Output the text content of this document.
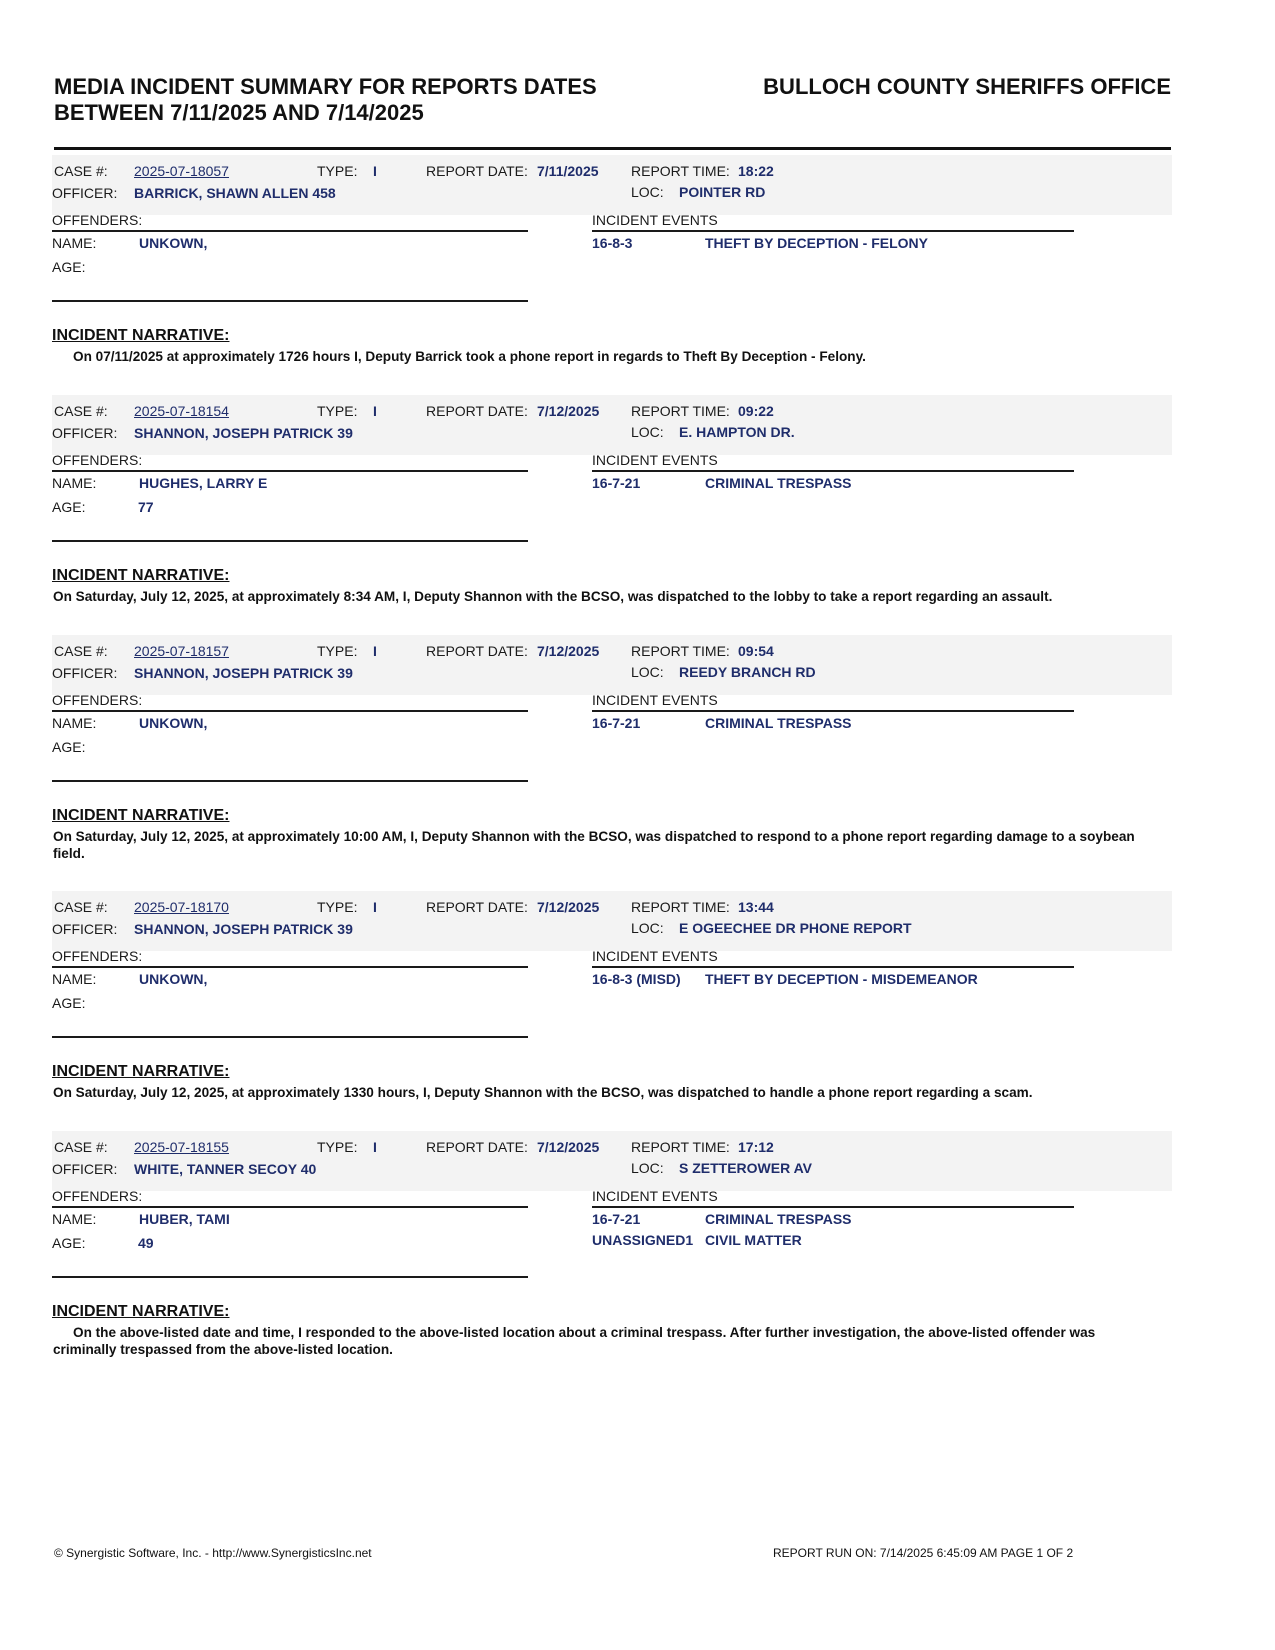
MEDIA INCIDENT SUMMARY FOR REPORTS DATES BETWEEN 7/11/2025 AND 7/14/2025
BULLOCH COUNTY SHERIFFS OFFICE
CASE #: 2025-07-18057	TYPE: I	REPORT DATE: 7/11/2025 REPORT TIME: 18:22
OFFICER: BARRICK, SHAWN ALLEN 458	LOC: POINTER RD
OFFENDERS:	INCIDENT EVENTS
NAME:	UNKOWN,
AGE:
16-8-3	THEFT BY DECEPTION - FELONY
INCIDENT NARRATIVE:
On 07/11/2025 at approximately 1726 hours I, Deputy Barrick took a phone report in regards to Theft By Deception - Felony.
CASE #: 2025-07-18154	TYPE: I	REPORT DATE: 7/12/2025 REPORT TIME: 09:22
OFFICER: SHANNON, JOSEPH PATRICK 39	LOC: E. HAMPTON DR.
OFFENDERS:	INCIDENT EVENTS
NAME:	HUGHES, LARRY E
AGE:	77
16-7-21	CRIMINAL TRESPASS
INCIDENT NARRATIVE:
On Saturday, July 12, 2025, at approximately 8:34 AM, I, Deputy Shannon with the BCSO, was dispatched to the lobby to take a report regarding an assault.
CASE #: 2025-07-18157	TYPE: I	REPORT DATE: 7/12/2025 REPORT TIME: 09:54
OFFICER: SHANNON, JOSEPH PATRICK 39	LOC: REEDY BRANCH RD
OFFENDERS:	INCIDENT EVENTS
NAME:	UNKOWN,
AGE:
16-7-21	CRIMINAL TRESPASS
INCIDENT NARRATIVE:
On Saturday, July 12, 2025, at approximately 10:00 AM, I, Deputy Shannon with the BCSO, was dispatched to respond to a phone report regarding damage to a soybean field.
CASE #: 2025-07-18170	TYPE: I	REPORT DATE: 7/12/2025 REPORT TIME: 13:44
OFFICER: SHANNON, JOSEPH PATRICK 39	LOC: E OGEECHEE DR PHONE REPORT
OFFENDERS:	INCIDENT EVENTS
NAME:	UNKOWN,
AGE:
16-8-3 (MISD) THEFT BY DECEPTION - MISDEMEANOR
INCIDENT NARRATIVE:
On Saturday, July 12, 2025, at approximately 1330 hours, I, Deputy Shannon with the BCSO, was dispatched to handle a phone report regarding a scam.
CASE #: 2025-07-18155	TYPE: I	REPORT DATE: 7/12/2025 REPORT TIME: 17:12
OFFICER: WHITE, TANNER SECOY 40	LOC: S ZETTEROWER AV
OFFENDERS:	INCIDENT EVENTS
NAME:	HUBER, TAMI
AGE:	49
16-7-21	CRIMINAL TRESPASS
UNASSIGNED1 CIVIL MATTER
INCIDENT NARRATIVE:
On the above-listed date and time, I responded to the above-listed location about a criminal trespass. After further investigation, the above-listed offender was criminally trespassed from the above-listed location.
© Synergistic Software, Inc. - http://www.SynergisticsInc.net	REPORT RUN ON: 7/14/2025 6:45:09 AM PAGE 1 OF 2
